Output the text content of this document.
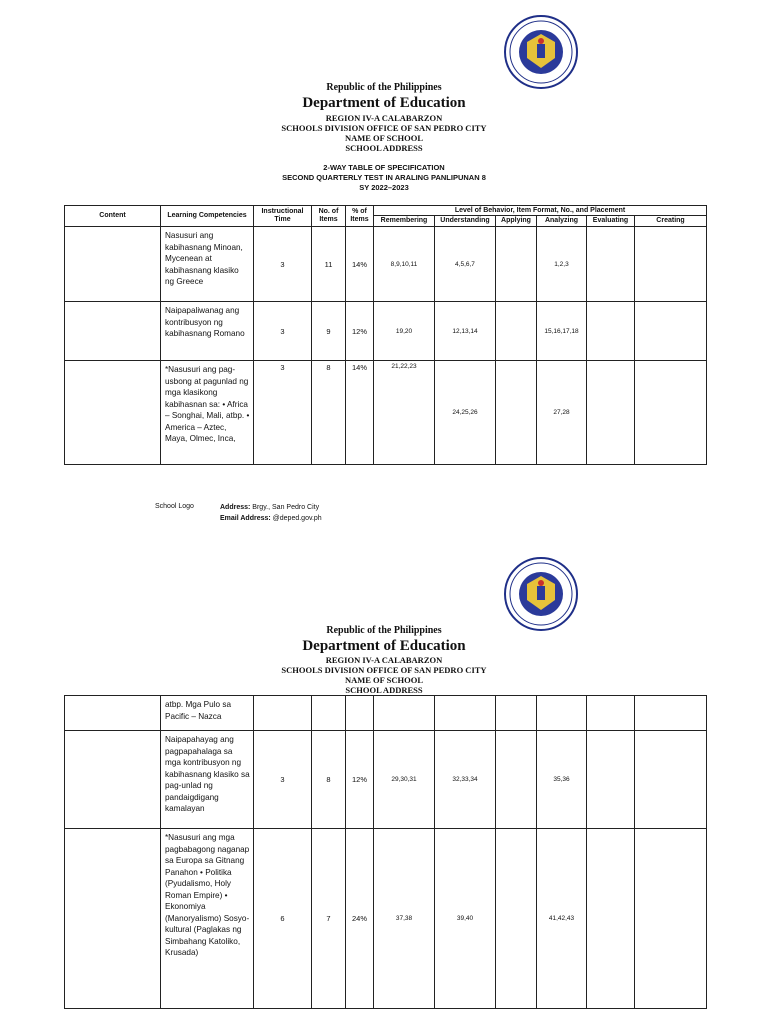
Republic of the Philippines
Department of Education
REGION IV-A CALABARZON
SCHOOLS DIVISION OFFICE OF SAN PEDRO CITY
NAME OF SCHOOL
SCHOOL ADDRESS
2-WAY TABLE OF SPECIFICATION
SECOND QUARTERLY TEST IN ARALING PANLIPUNAN 8
SY 2022–2023
Content	Learning Competencies	Instructional Time	No. of Items	% of Items	Level of Behavior, Item Format, No., and Placement					
					Remembering	Understanding	Applying	Analyzing	Evaluating	Creating
	Nasusuri ang kabihasnang Minoan, Mycenean at kabihasnang klasiko ng Greece	3	11	14%	8,9,10,11	4,5,6,7		1,2,3		
	Naipapaliwanag ang kontribusyon ng kabihasnang Romano	3	9	12%	19,20	12,13,14		15,16,17,18		
	*Nasusuri ang pag-usbong at pagunlad ng mga klasikong kabihasnan sa: • Africa – Songhai, Mali, atbp. • America – Aztec, Maya, Olmec, Inca,	3	8	14%	21,22,23	24,25,26		27,28		
School Logo	Address: Brgy., San Pedro City
Email Address: @deped.gov.ph
Republic of the Philippines
Department of Education
REGION IV-A CALABARZON
SCHOOLS DIVISION OFFICE OF SAN PEDRO CITY
NAME OF SCHOOL
SCHOOL ADDRESS
	atbp. Mga Pulo sa Pacific – Nazca									
	Naipapahayag ang pagpapahalaga sa mga kontribusyon ng kabihasnang klasiko sa pag-unlad ng pandaigdigang kamalayan	3	8	12%	29,30,31	32,33,34		35,36		
	*Nasusuri ang mga pagbabagong naganap sa Europa sa Gitnang Panahon • Politika (Pyudalismo, Holy Roman Empire) • Ekonomiya (Manoryalismo) Sosyo-kultural (Paglakas ng Simbahang Katoliko, Krusada)	6	7	24%	37,38	39,40		41,42,43		
